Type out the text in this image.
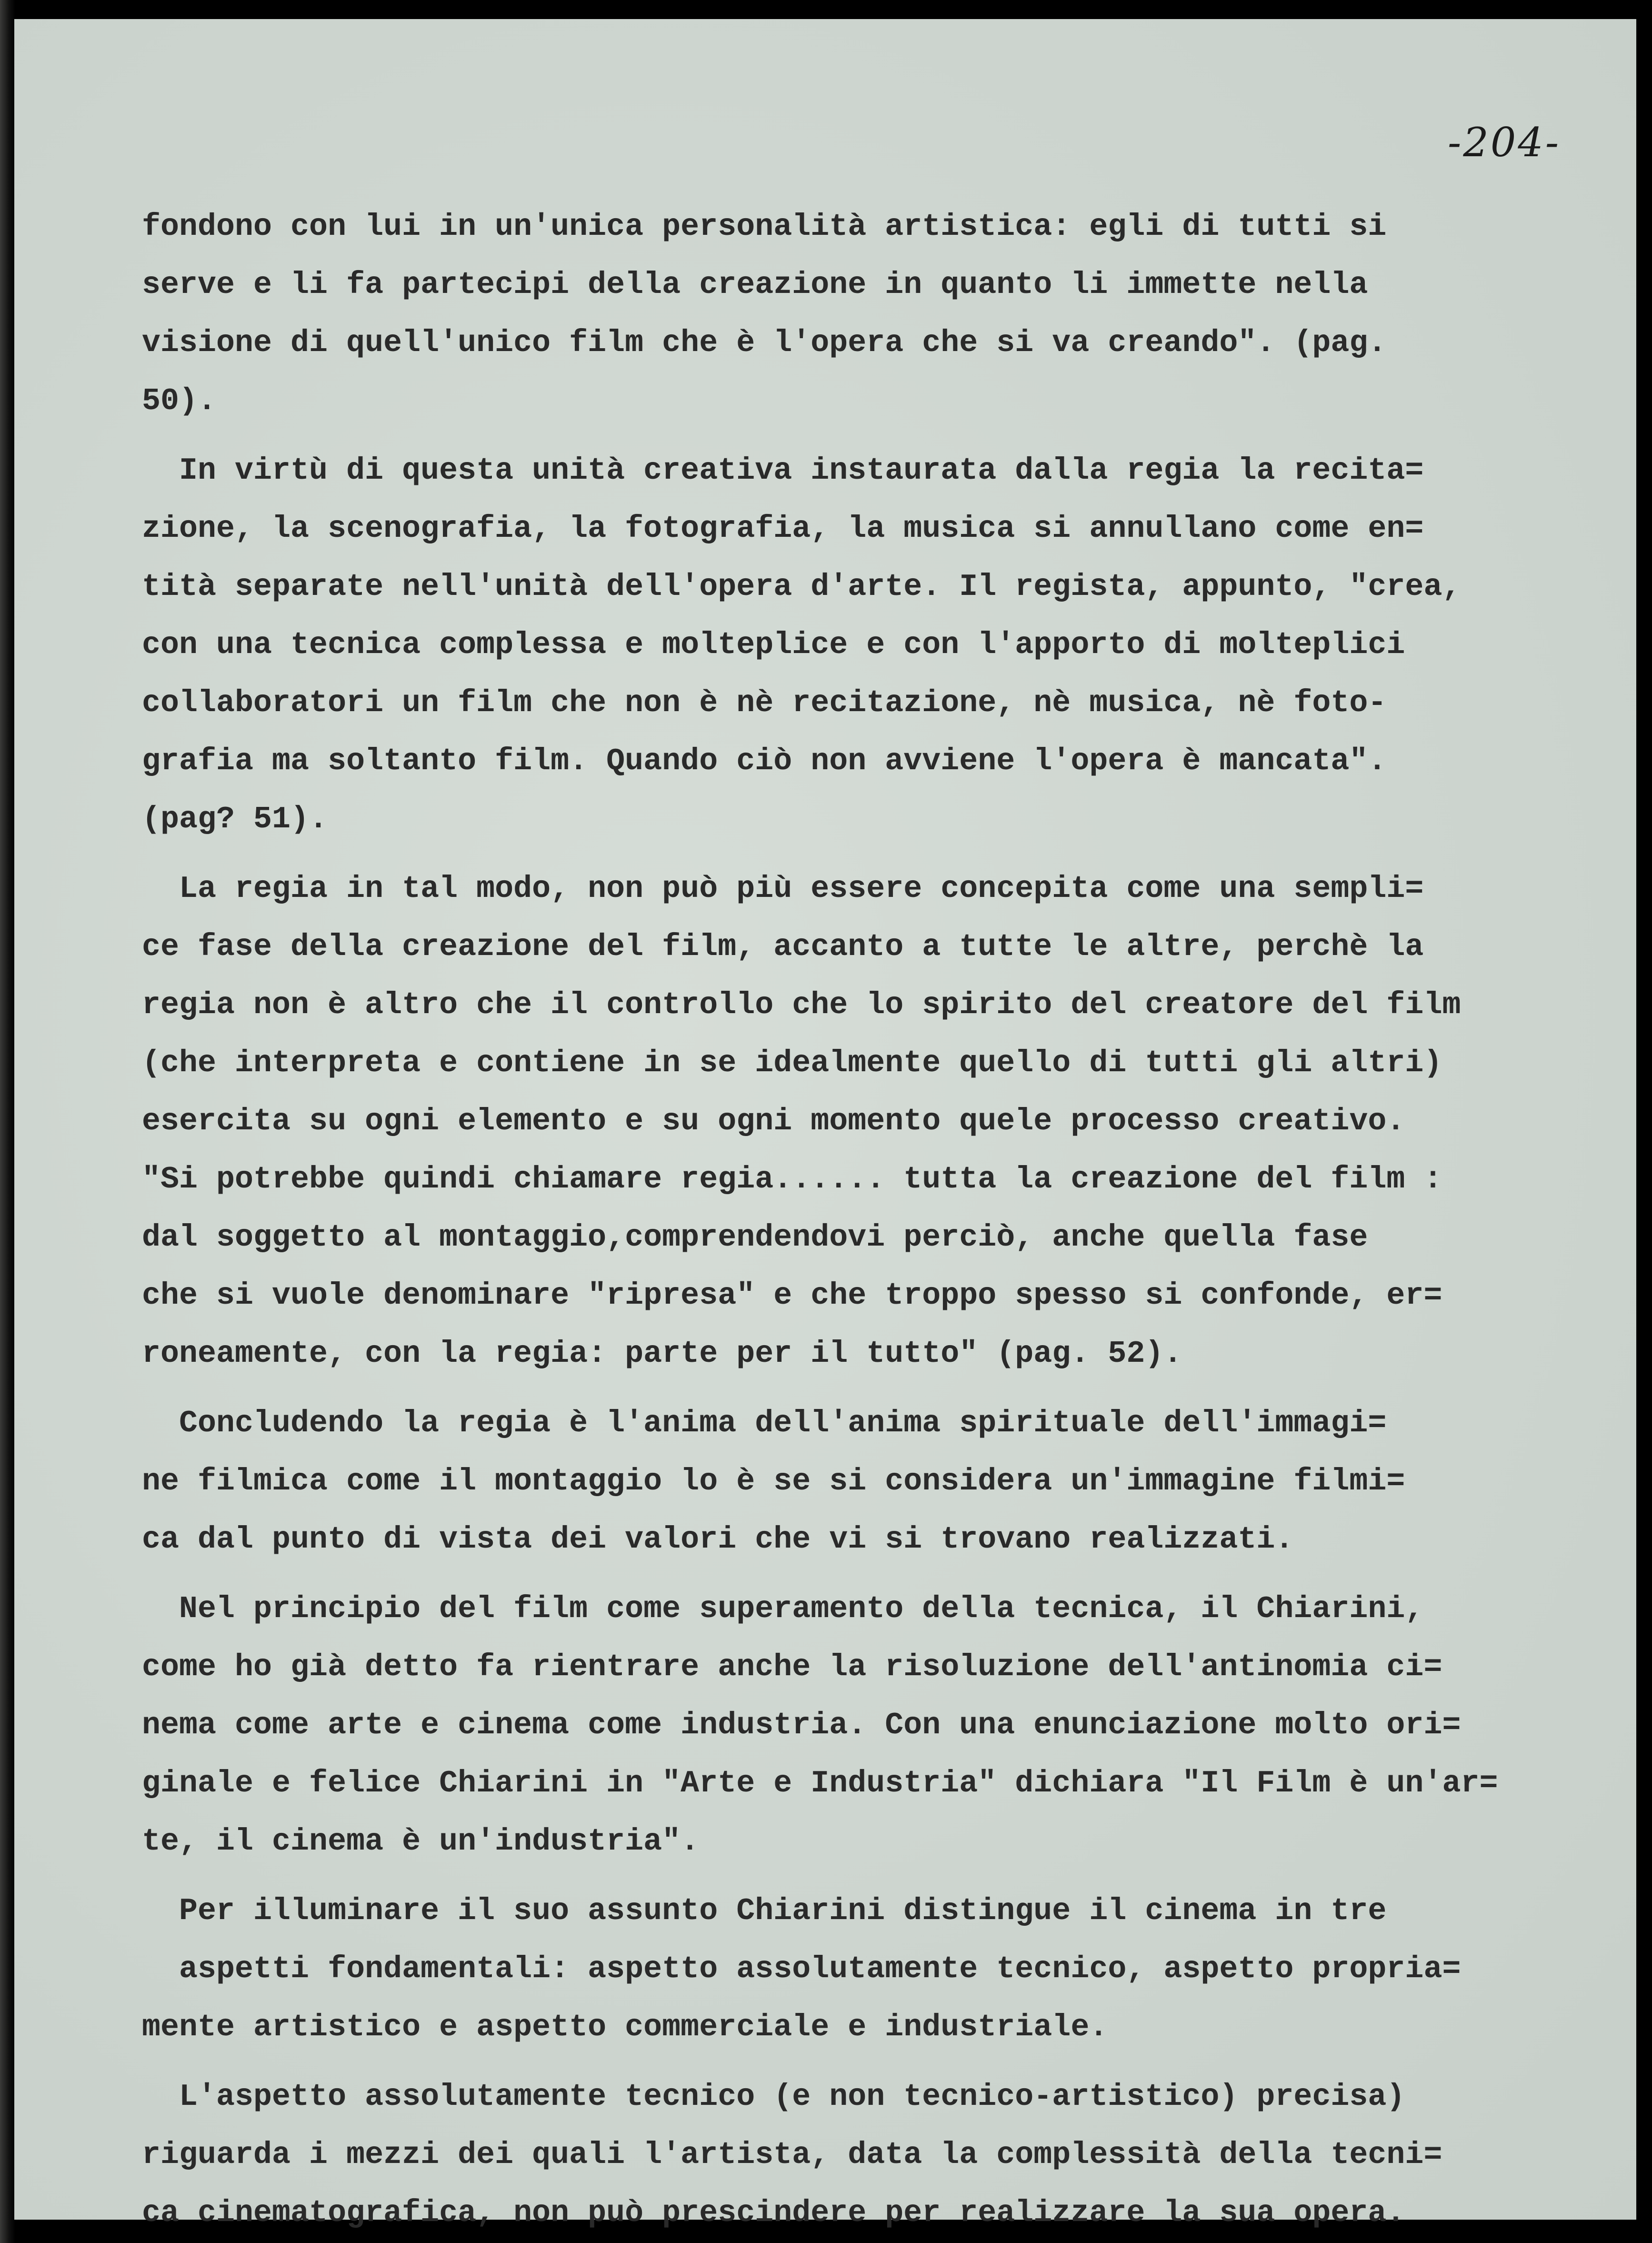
-204-

fondono con lui in un'unica personalità artistica: egli di tutti si
serve e li fa partecipi della creazione in quanto li immette nella
visione di quell'unico film che è l'opera che si va creando". (pag.
50).
In virtù di questa unità creativa instaurata dalla regia la recita=
zione, la scenografia, la fotografia, la musica si annullano come en=
tità separate nell'unità dell'opera d'arte. Il regista, appunto, "crea,
con una tecnica complessa e molteplice e con l'apporto di molteplici
collaboratori un film che non è nè recitazione, nè musica, nè foto-
grafia ma soltanto film. Quando ciò non avviene l'opera è mancata".
(pag? 51).
La regia in tal modo, non può più essere concepita come una sempli=
ce fase della creazione del film, accanto a tutte le altre, perchè la
regia non è altro che il controllo che lo spirito del creatore del film
(che interpreta e contiene in se idealmente quello di tutti gli altri)
esercita su ogni elemento e su ogni momento quele processo creativo.
"Si potrebbe quindi chiamare regia...... tutta la creazione del film :
dal soggetto al montaggio,comprendendovi perciò, anche quella fase
che si vuole denominare "ripresa" e che troppo spesso si confonde, er=
roneamente, con la regia: parte per il tutto" (pag. 52).
Concludendo la regia è l'anima dell'anima spirituale dell'immagi=
ne filmica come il montaggio lo è se si considera un'immagine filmi=
ca dal punto di vista dei valori che vi si trovano realizzati.
Nel principio del film come superamento della tecnica, il Chiarini,
come ho già detto fa rientrare anche la risoluzione dell'antinomia ci=
nema come arte e cinema come industria. Con una enunciazione molto ori=
ginale e felice Chiarini in "Arte e Industria" dichiara "Il Film è un'ar=
te, il cinema è un'industria".
Per illuminare il suo assunto Chiarini distingue il cinema in tre
aspetti fondamentali: aspetto assolutamente tecnico, aspetto propria=
mente artistico e aspetto commerciale e industriale.
L'aspetto assolutamente tecnico (e non tecnico-artistico) precisa)
riguarda i mezzi dei quali l'artista, data la complessità della tecni=
ca cinematografica, non può prescindere per realizzare la sua opera.
